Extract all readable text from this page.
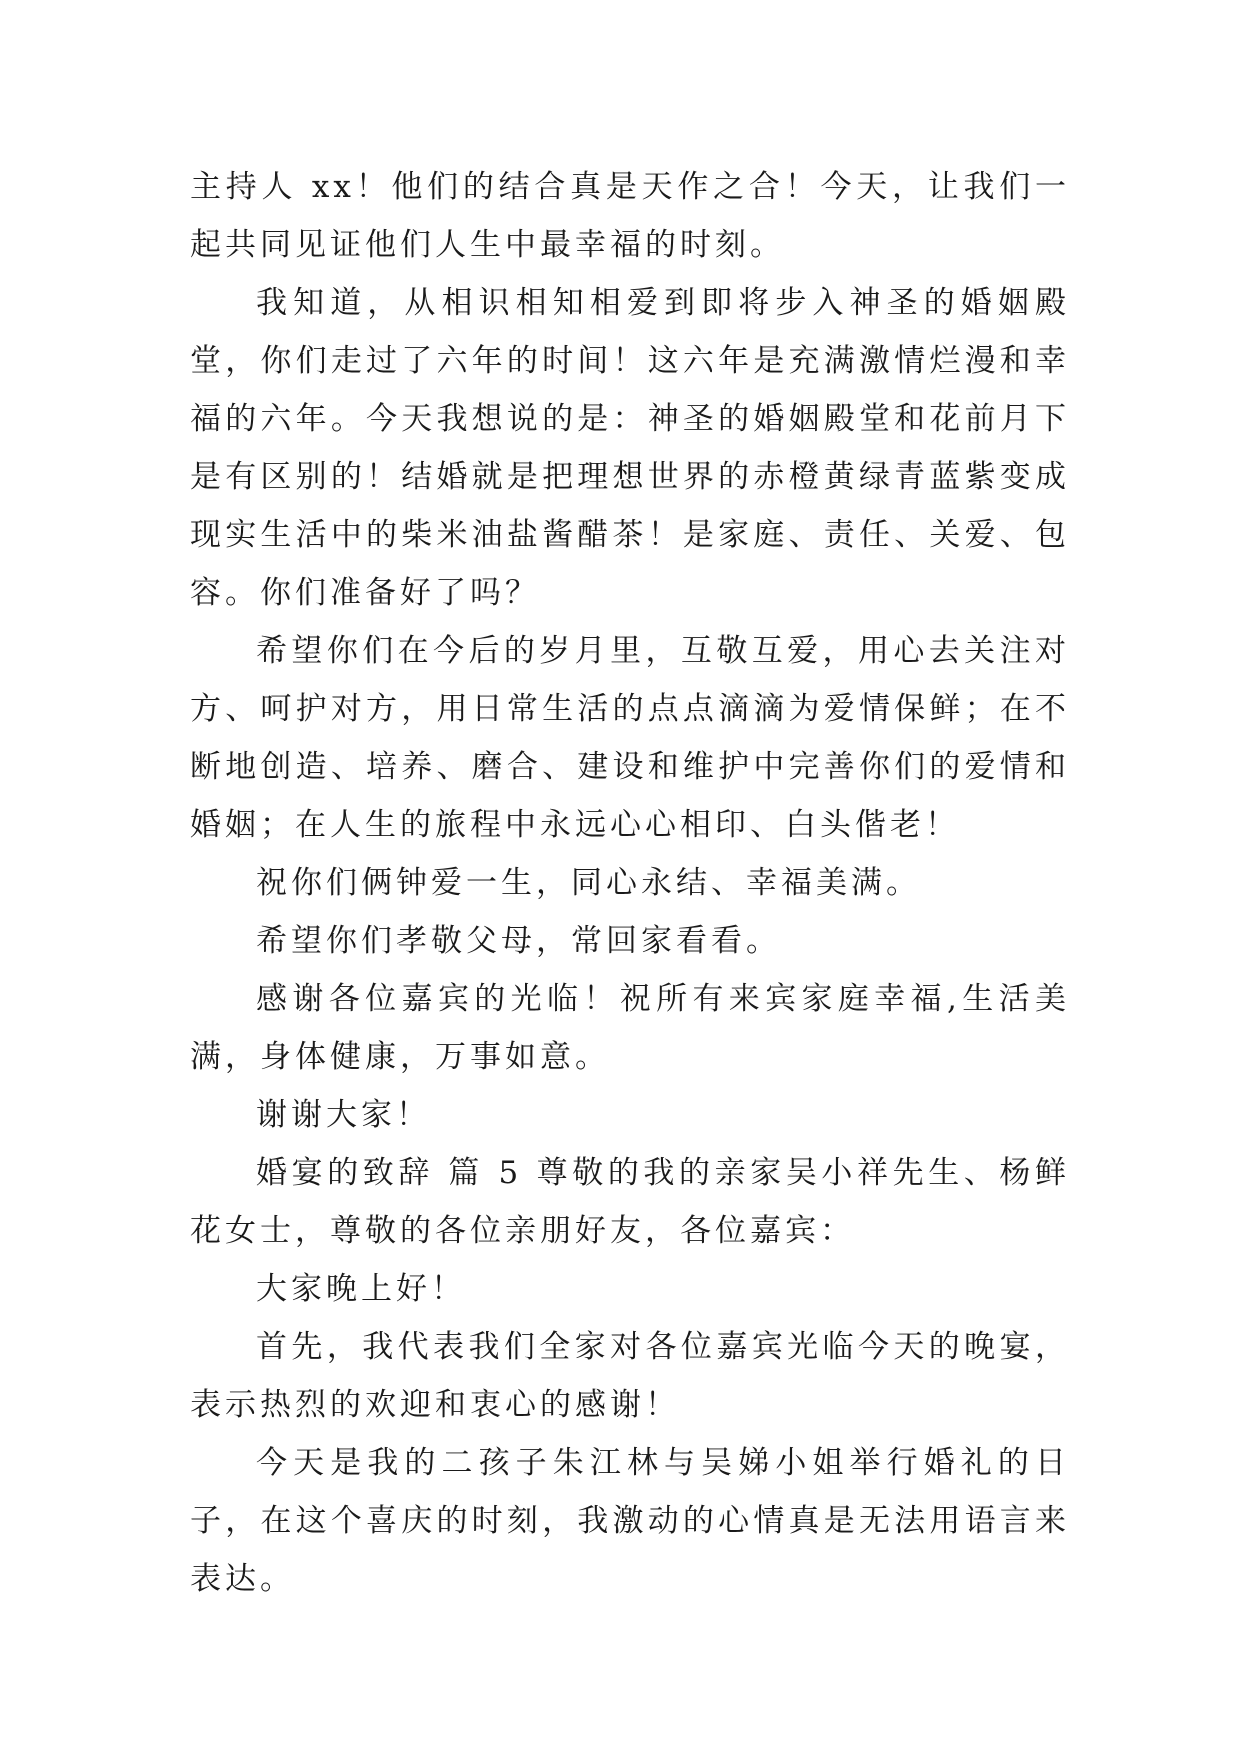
主持人 xx！他们的结合真是天作之合！今天，让我们一起共同见证他们人生中最幸福的时刻。

我知道，从相识相知相爱到即将步入神圣的婚姻殿堂，你们走过了六年的时间！这六年是充满激情烂漫和幸福的六年。今天我想说的是：神圣的婚姻殿堂和花前月下是有区别的！结婚就是把理想世界的赤橙黄绿青蓝紫变成现实生活中的柴米油盐酱醋茶！是家庭、责任、关爱、包容。你们准备好了吗？

希望你们在今后的岁月里，互敬互爱，用心去关注对方、呵护对方，用日常生活的点点滴滴为爱情保鲜；在不断地创造、培养、磨合、建设和维护中完善你们的爱情和婚姻；在人生的旅程中永远心心相印、白头偕老！

祝你们俩钟爱一生，同心永结、幸福美满。

希望你们孝敬父母，常回家看看。

感谢各位嘉宾的光临！祝所有来宾家庭幸福,生活美满，身体健康，万事如意。

谢谢大家！

婚宴的致辞 篇 5 尊敬的我的亲家吴小祥先生、杨鲜花女士，尊敬的各位亲朋好友，各位嘉宾：

大家晚上好！

首先，我代表我们全家对各位嘉宾光临今天的晚宴，表示热烈的欢迎和衷心的感谢！

今天是我的二孩子朱江林与吴娣小姐举行婚礼的日子，在这个喜庆的时刻，我激动的心情真是无法用语言来表达。
